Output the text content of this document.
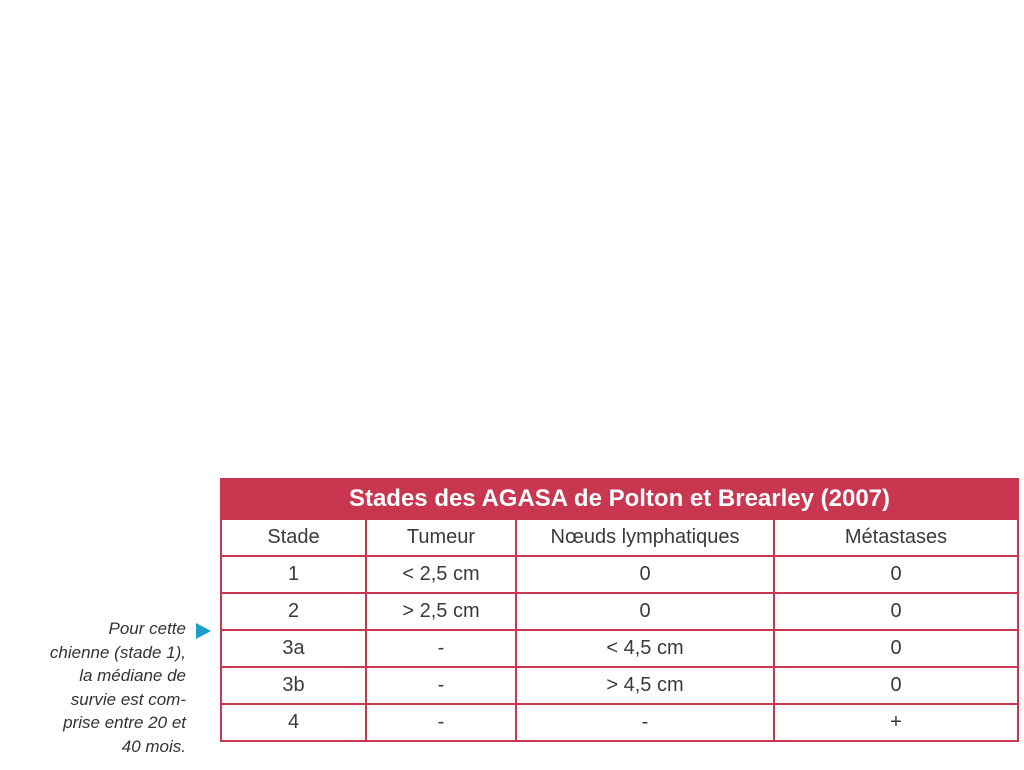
Pour cette
chienne (stade 1),
la médiane de
survie est com-
prise entre 20 et
40 mois.
Stades des AGASA de Polton et Brearley (2007)
Stade	Tumeur	Nœuds lymphatiques	Métastases
1	< 2,5 cm	0	0
2	> 2,5 cm	0	0
3a	-	< 4,5 cm	0
3b	-	> 4,5 cm	0
4	-	-	+
